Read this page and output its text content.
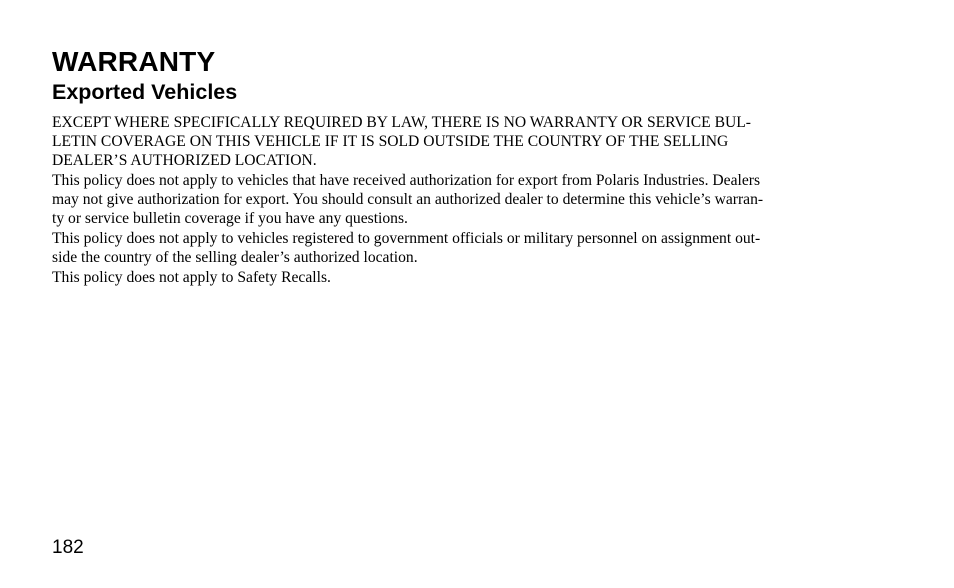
WARRANTY
Exported Vehicles

EXCEPT WHERE SPECIFICALLY REQUIRED BY LAW, THERE IS NO WARRANTY OR SERVICE BUL-
LETIN COVERAGE ON THIS VEHICLE IF IT IS SOLD OUTSIDE THE COUNTRY OF THE SELLING
DEALER’S AUTHORIZED LOCATION.

This policy does not apply to vehicles that have received authorization for export from Polaris Industries. Dealers
may not give authorization for export. You should consult an authorized dealer to determine this vehicle’s warran-
ty or service bulletin coverage if you have any questions.

This policy does not apply to vehicles registered to government officials or military personnel on assignment out-
side the country of the selling dealer’s authorized location.

This policy does not apply to Safety Recalls.

182
